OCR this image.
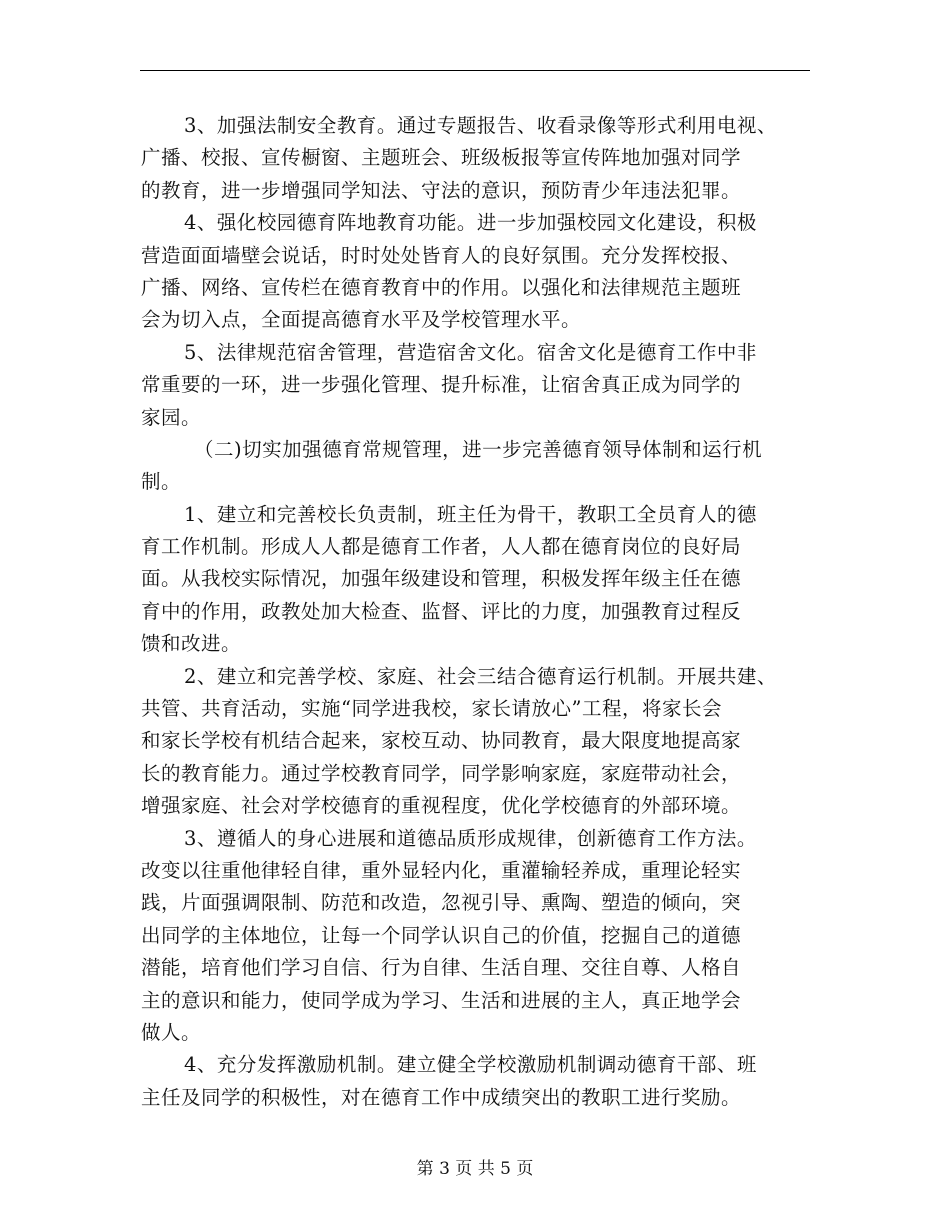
3、加强法制安全教育。通过专题报告、收看录像等形式利用电视、
广播、校报、宣传橱窗、主题班会、班级板报等宣传阵地加强对同学
的教育，进一步增强同学知法、守法的意识，预防青少年违法犯罪。
4、强化校园德育阵地教育功能。进一步加强校园文化建设，积极
营造面面墙壁会说话，时时处处皆育人的良好氛围。充分发挥校报、
广播、网络、宣传栏在德育教育中的作用。以强化和法律规范主题班
会为切入点，全面提高德育水平及学校管理水平。
5、法律规范宿舍管理，营造宿舍文化。宿舍文化是德育工作中非
常重要的一环，进一步强化管理、提升标准，让宿舍真正成为同学的
家园。
（二)切实加强德育常规管理，进一步完善德育领导体制和运行机
制。
1、建立和完善校长负责制，班主任为骨干，教职工全员育人的德
育工作机制。形成人人都是德育工作者，人人都在德育岗位的良好局
面。从我校实际情况，加强年级建设和管理，积极发挥年级主任在德
育中的作用，政教处加大检查、监督、评比的力度，加强教育过程反
馈和改进。
2、建立和完善学校、家庭、社会三结合德育运行机制。开展共建、
共管、共育活动，实施“同学进我校，家长请放心”工程，将家长会
和家长学校有机结合起来，家校互动、协同教育，最大限度地提高家
长的教育能力。通过学校教育同学，同学影响家庭，家庭带动社会，
增强家庭、社会对学校德育的重视程度，优化学校德育的外部环境。
3、遵循人的身心进展和道德品质形成规律，创新德育工作方法。
改变以往重他律轻自律，重外显轻内化，重灌输轻养成，重理论轻实
践，片面强调限制、防范和改造，忽视引导、熏陶、塑造的倾向，突
出同学的主体地位，让每一个同学认识自己的价值，挖掘自己的道德
潜能，培育他们学习自信、行为自律、生活自理、交往自尊、人格自
主的意识和能力，使同学成为学习、生活和进展的主人，真正地学会
做人。
4、充分发挥激励机制。建立健全学校激励机制调动德育干部、班
主任及同学的积极性，对在德育工作中成绩突出的教职工进行奖励。
第 3 页 共 5 页
